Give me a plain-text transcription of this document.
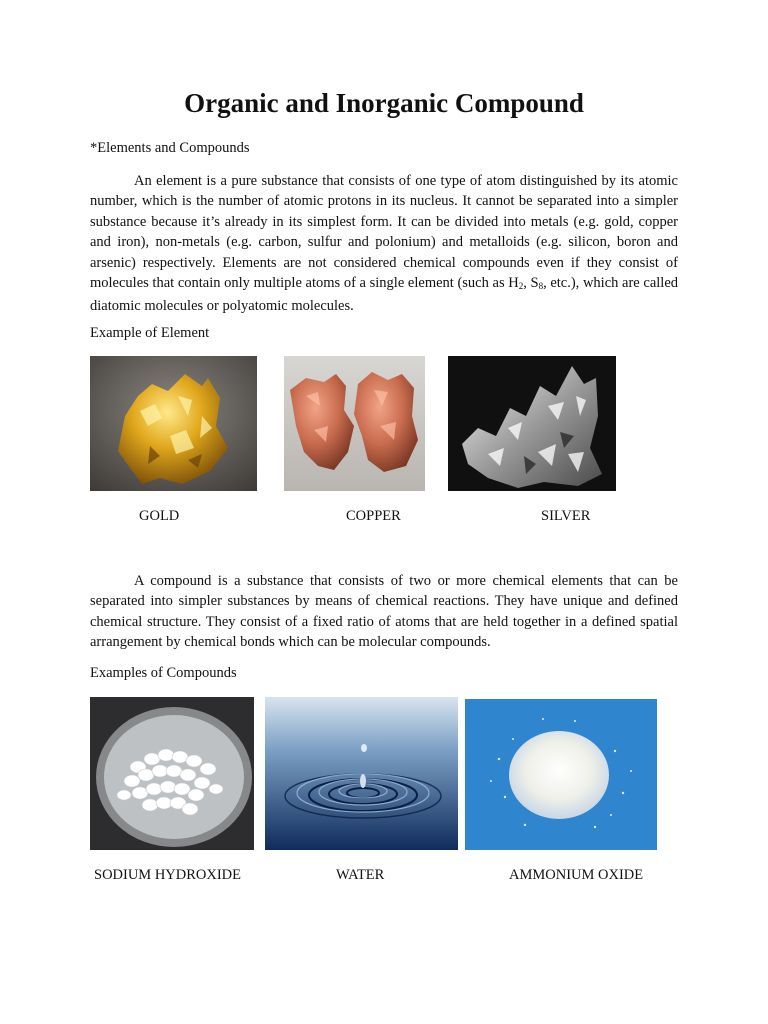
Organic and Inorganic Compound

*Elements and Compounds

An element is a pure substance that consists of one type of atom distinguished by its atomic number, which is the number of atomic protons in its nucleus. It cannot be separated into a simpler substance because it’s already in its simplest form. It can be divided into metals (e.g. gold, copper and iron), non-metals (e.g. carbon, sulfur and polonium) and metalloids (e.g. silicon, boron and arsenic) respectively. Elements are not considered chemical compounds even if they consist of molecules that contain only multiple atoms of a single element (such as $H_2$, $S_8$, etc.), which are called diatomic molecules or polyatomic molecules.

Example of Element

GOLD	COPPER	SILVER

A compound is a substance that consists of two or more chemical elements that can be separated into simpler substances by means of chemical reactions. They have unique and defined chemical structure. They consist of a fixed ratio of atoms that are held together in a defined spatial arrangement by chemical bonds which can be molecular compounds.

Examples of Compounds

SODIUM HYDROXIDE	WATER	AMMONIUM OXIDE
